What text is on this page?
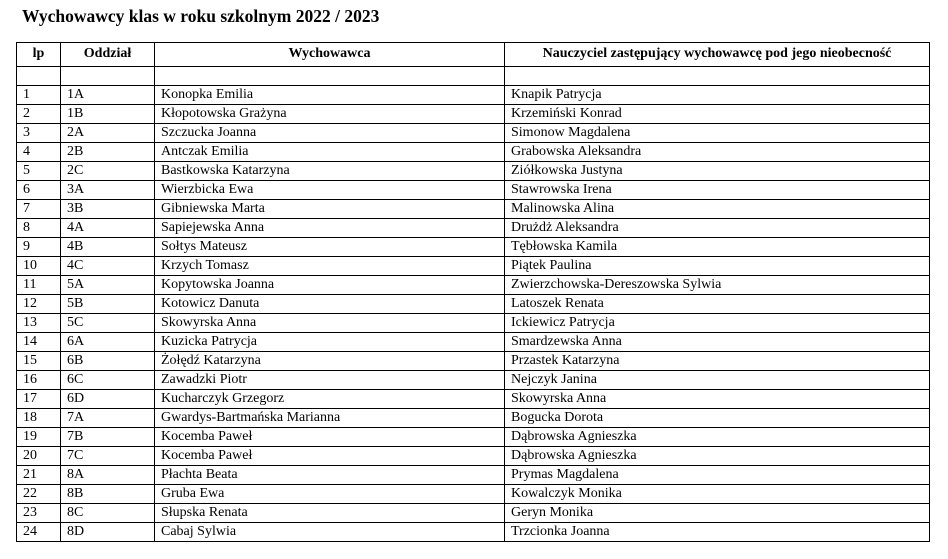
Wychowawcy klas w roku szkolnym 2022 / 2023
lp	Oddział	Wychowawca	Nauczyciel zastępujący wychowawcę pod jego nieobecność

1	1A	Konopka Emilia	Knapik Patrycja
2	1B	Kłopotowska Grażyna	Krzemiński Konrad
3	2A	Szczucka Joanna	Simonow Magdalena
4	2B	Antczak Emilia	Grabowska Aleksandra
5	2C	Bastkowska Katarzyna	Ziółkowska Justyna
6	3A	Wierzbicka Ewa	Stawrowska Irena
7	3B	Gibniewska Marta	Malinowska Alina
8	4A	Sapiejewska Anna	Drużdż Aleksandra
9	4B	Sołtys Mateusz	Tębłowska Kamila
10	4C	Krzych Tomasz	Piątek Paulina
11	5A	Kopytowska Joanna	Zwierzchowska-Dereszowska Sylwia
12	5B	Kotowicz Danuta	Latoszek Renata
13	5C	Skowyrska Anna	Ickiewicz Patrycja
14	6A	Kuzicka Patrycja	Smardzewska Anna
15	6B	Żołędź Katarzyna	Przastek Katarzyna
16	6C	Zawadzki Piotr	Nejczyk Janina
17	6D	Kucharczyk Grzegorz	Skowyrska Anna
18	7A	Gwardys-Bartmańska Marianna	Bogucka Dorota
19	7B	Kocemba Paweł	Dąbrowska Agnieszka
20	7C	Kocemba Paweł	Dąbrowska Agnieszka
21	8A	Płachta Beata	Prymas Magdalena
22	8B	Gruba Ewa	Kowalczyk Monika
23	8C	Słupska Renata	Geryn Monika
24	8D	Cabaj Sylwia	Trzcionka Joanna
